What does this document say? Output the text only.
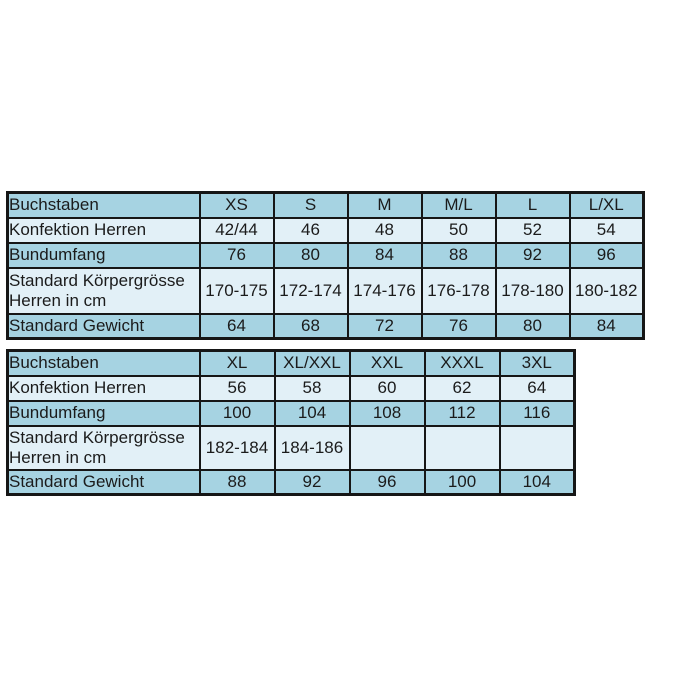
Buchstaben	XS	S	M	M/L	L	L/XL
Konfektion Herren	42/44	46	48	50	52	54
Bundumfang	76	80	84	88	92	96
Standard Körpergrösse Herren in cm	170-175	172-174	174-176	176-178	178-180	180-182
Standard Gewicht	64	68	72	76	80	84
Buchstaben	XL	XL/XXL	XXL	XXXL	3XL
Konfektion Herren	56	58	60	62	64
Bundumfang	100	104	108	112	116
Standard Körpergrösse Herren in cm	182-184	184-186			
Standard Gewicht	88	92	96	100	104
